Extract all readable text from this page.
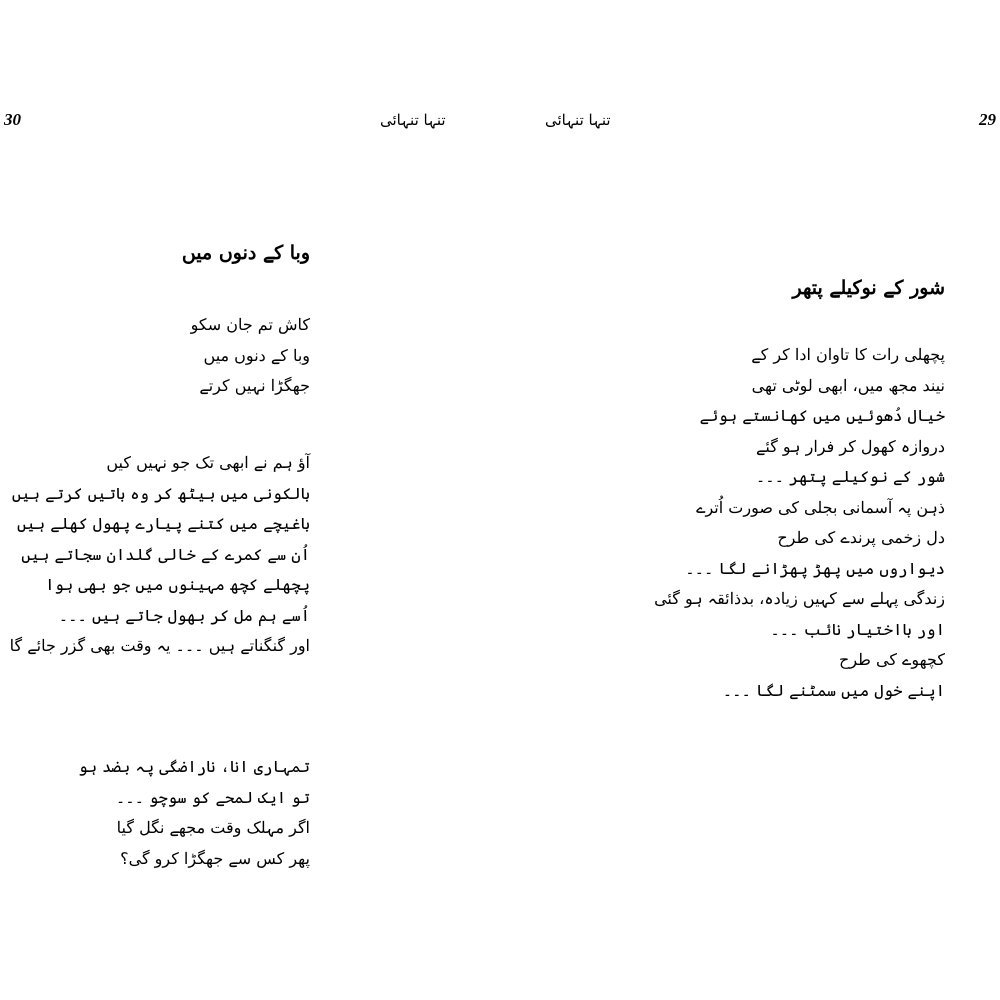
30	تنہا تنہائی
وبا کے دنوں میں
کاش تم جان سکو
وبا کے دنوں میں
جھگڑا نہیں کرتے
آؤ ہم نے ابھی تک جو نہیں کیں
بالکونی میں بیٹھ کر وہ باتیں کرتے ہیں
باغیچے میں کتنے پیارے پھول کھلے ہیں
اُن سے کمرے کے خالی گلدان سجاتے ہیں
پچھلے کچھ مہینوں میں جو بھی ہوا
اُسے ہم مل کر بھول جاتے ہیں ۔۔۔
اور گنگناتے ہیں ۔۔۔ یہ وقت بھی گزر جائے گا
تمہاری انا، ناراضگی پہ بضد ہو
تو ایک لمحے کو سوچو ۔۔۔
اگر مہلک وقت مجھے نگل گیا
پھر کس سے جھگڑا کرو گی؟
29
تنہا تنہائی
شور کے نوکیلے پتھر
پچھلی رات کا تاوان ادا کر کے
نیند مجھ میں، ابھی لوٹی تھی
خیال دُھوئیں میں کھانستے ہوئے
دروازہ کھول کر فرار ہو گئے
شور کے نوکیلے پتھر ۔۔۔
ذہن پہ آسمانی بجلی کی صورت اُترے
دل زخمی پرندے کی طرح
دیواروں میں پھڑ پھڑانے لگا ۔۔۔
زندگی پہلے سے کہیں زیادہ، بدذائقہ ہو گئی
اور بااختیار نائب ۔۔۔
کچھوے کی طرح
اپنے خول میں سمٹنے لگا ۔۔۔
